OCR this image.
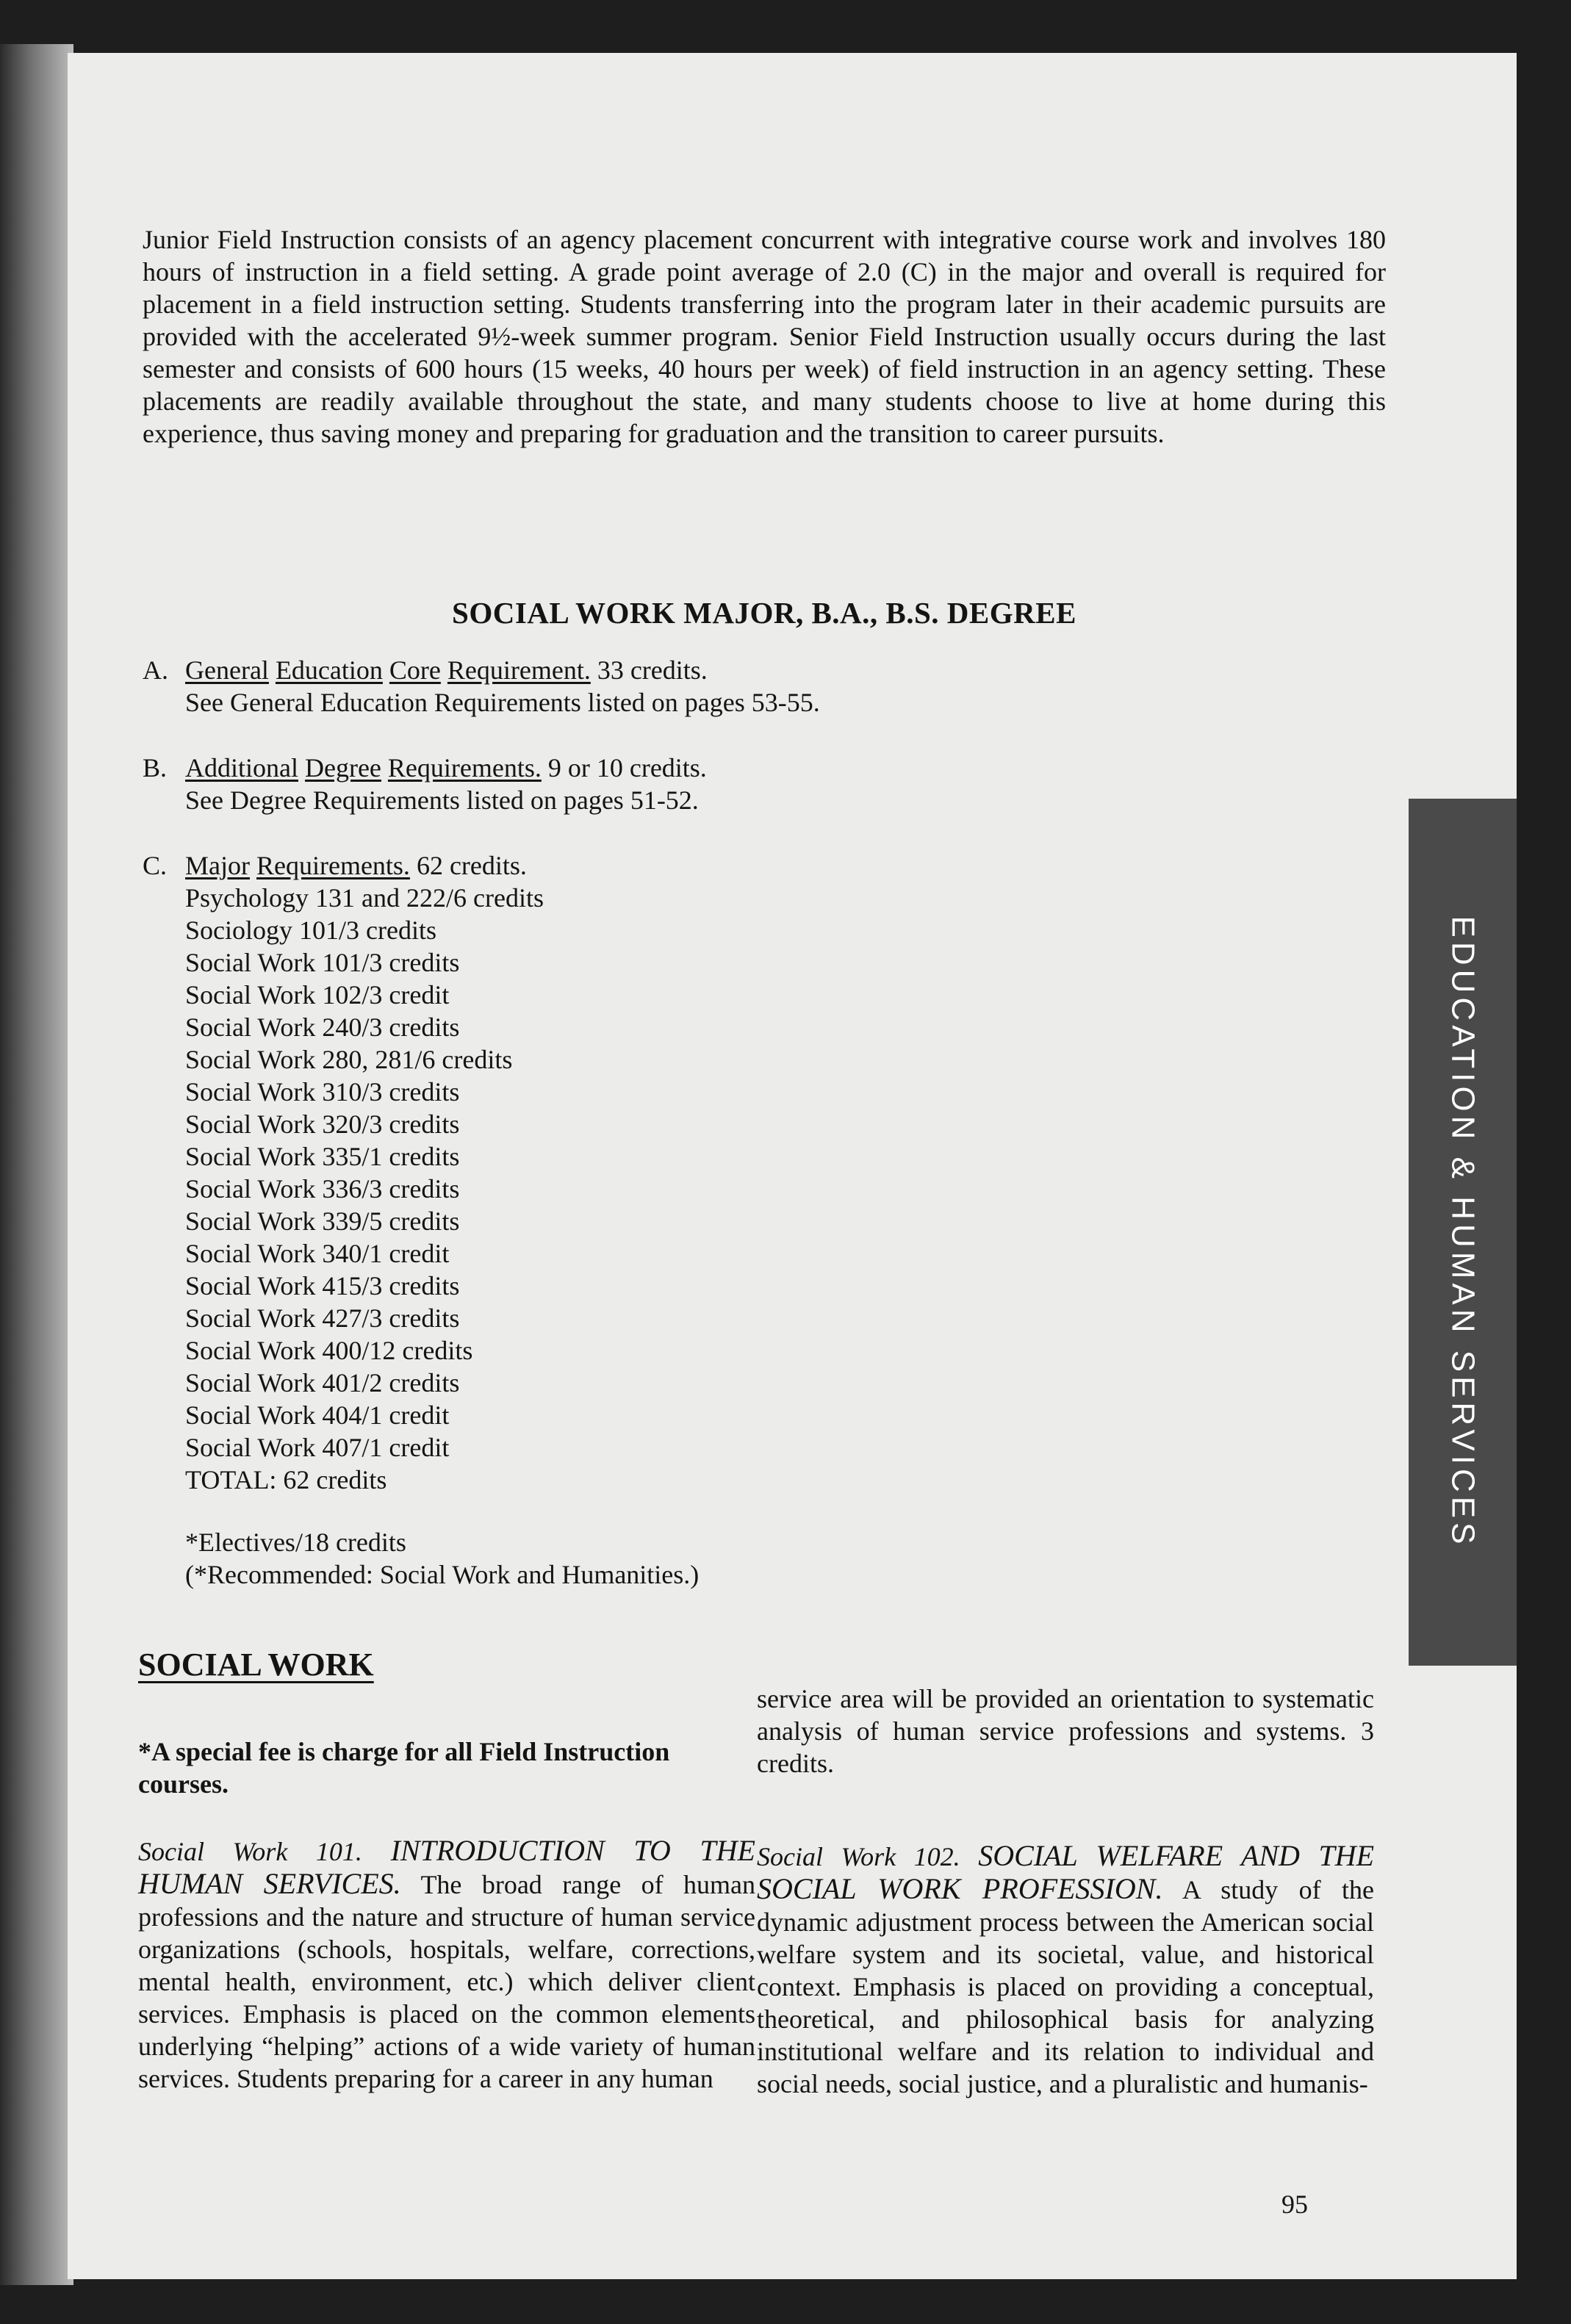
EDUCATION & HUMAN SERVICES

Junior Field Instruction consists of an agency placement concurrent with integrative course work and involves 180 hours of instruction in a field setting. A grade point average of 2.0 (C) in the major and overall is required for placement in a field instruction setting. Students transferring into the program later in their academic pursuits are provided with the accelerated 9½-week summer program. Senior Field Instruction usually occurs during the last semester and consists of 600 hours (15 weeks, 40 hours per week) of field instruction in an agency setting. These placements are readily available throughout the state, and many students choose to live at home during this experience, thus saving money and preparing for graduation and the transition to career pursuits.

SOCIAL WORK MAJOR, B.A., B.S. DEGREE
A. General Education Core Requirement. 33 credits.
See General Education Requirements listed on pages 53-55.
B. Additional Degree Requirements. 9 or 10 credits.
See Degree Requirements listed on pages 51-52.
C. Major Requirements. 62 credits.
Psychology 131 and 222/6 credits
Sociology 101/3 credits
Social Work 101/3 credits
Social Work 102/3 credit
Social Work 240/3 credits
Social Work 280, 281/6 credits
Social Work 310/3 credits
Social Work 320/3 credits
Social Work 335/1 credits
Social Work 336/3 credits
Social Work 339/5 credits
Social Work 340/1 credit
Social Work 415/3 credits
Social Work 427/3 credits
Social Work 400/12 credits
Social Work 401/2 credits
Social Work 404/1 credit
Social Work 407/1 credit
TOTAL: 62 credits
*Electives/18 credits
(*Recommended: Social Work and Humanities.)
SOCIAL WORK

*A special fee is charge for all Field Instruction courses.

Social Work 101. INTRODUCTION TO THE HUMAN SERVICES. The broad range of human professions and the nature and structure of human service organizations (schools, hospitals, welfare, corrections, mental health, environment, etc.) which deliver client services. Emphasis is placed on the common elements underlying “helping” actions of a wide variety of human services. Students preparing for a career in any human

service area will be provided an orientation to systematic analysis of human service professions and systems. 3 credits.

Social Work 102. SOCIAL WELFARE AND THE SOCIAL WORK PROFESSION. A study of the dynamic adjustment process between the American social welfare system and its societal, value, and historical context. Emphasis is placed on providing a conceptual, theoretical, and philosophical basis for analyzing institutional welfare and its relation to individual and social needs, social justice, and a pluralistic and humanis-

95
